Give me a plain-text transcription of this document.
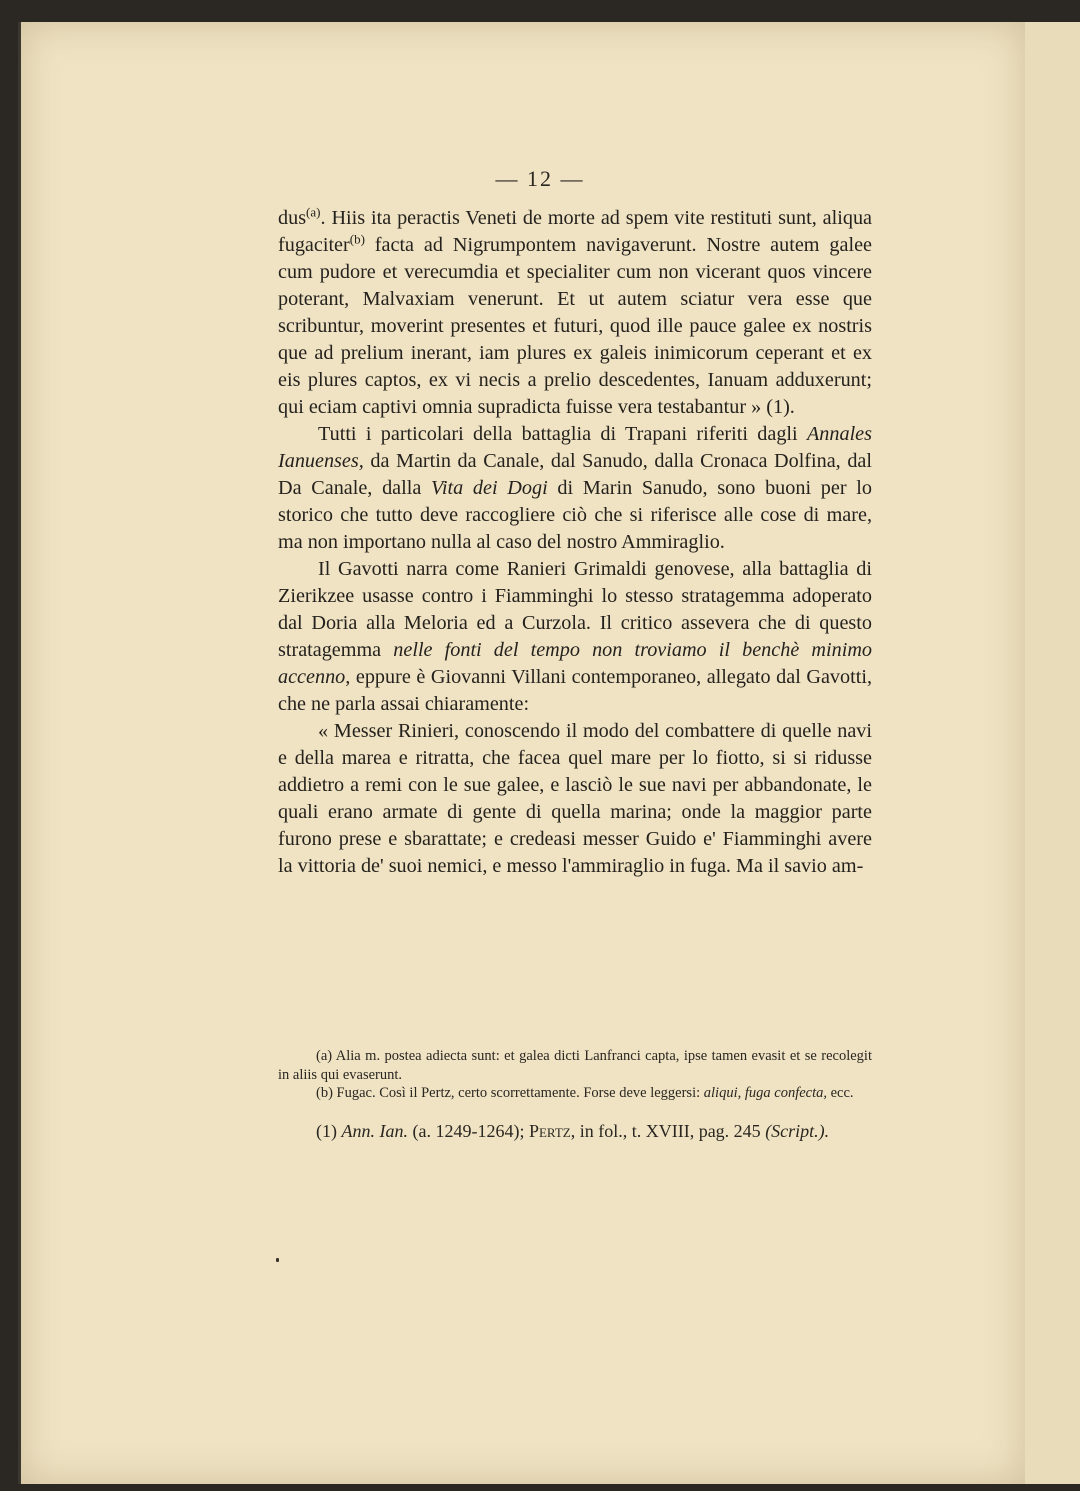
— 12 —

dus$^{(a)}$. Hiis ita peractis Veneti de morte ad spem vite restituti sunt, aliqua fugaciter$^{(b)}$ facta ad Nigrumpontem navigaverunt. Nostre autem galee cum pudore et verecumdia et specialiter cum non vicerant quos vincere poterant, Malvaxiam venerunt. Et ut autem sciatur vera esse que scribuntur, moverint presentes et futuri, quod ille pauce galee ex nostris que ad prelium inerant, iam plures ex galeis inimicorum ceperant et ex eis plures captos, ex vi necis a prelio descedentes, Ianuam adduxerunt; qui eciam captivi omnia supradicta fuisse vera testabantur » (1).

Tutti i particolari della battaglia di Trapani riferiti dagli Annales Ianuenses, da Martin da Canale, dal Sanudo, dalla Cronaca Dolfina, dal Da Canale, dalla Vita dei Dogi di Marin Sanudo, sono buoni per lo storico che tutto deve raccogliere ciò che si riferisce alle cose di mare, ma non importano nulla al caso del nostro Ammiraglio.

Il Gavotti narra come Ranieri Grimaldi genovese, alla battaglia di Zierikzee usasse contro i Fiamminghi lo stesso stratagemma adoperato dal Doria alla Meloria ed a Curzola. Il critico assevera che di questo stratagemma nelle fonti del tempo non troviamo il benchè minimo accenno, eppure è Giovanni Villani contemporaneo, allegato dal Gavotti, che ne parla assai chiaramente:

« Messer Rinieri, conoscendo il modo del combattere di quelle navi e della marea e ritratta, che facea quel mare per lo fiotto, si si ridusse addietro a remi con le sue galee, e lasciò le sue navi per abbandonate, le quali erano armate di gente di quella marina; onde la maggior parte furono prese e sbarattate; e credeasi messer Guido e' Fiamminghi avere la vittoria de' suoi nemici, e messo l'ammiraglio in fuga. Ma il savio am-

(a) Alia m. postea adiecta sunt: et galea dicti Lanfranci capta, ipse tamen evasit et se recolegit in aliis qui evaserunt.

(b) Fugac. Così il Pertz, certo scorrettamente. Forse deve leggersi: aliqui, fuga confecta, ecc.

(1) Ann. Ian. (a. 1249-1264); Pertz, in fol., t. XVIII, pag. 245 (Script.).
